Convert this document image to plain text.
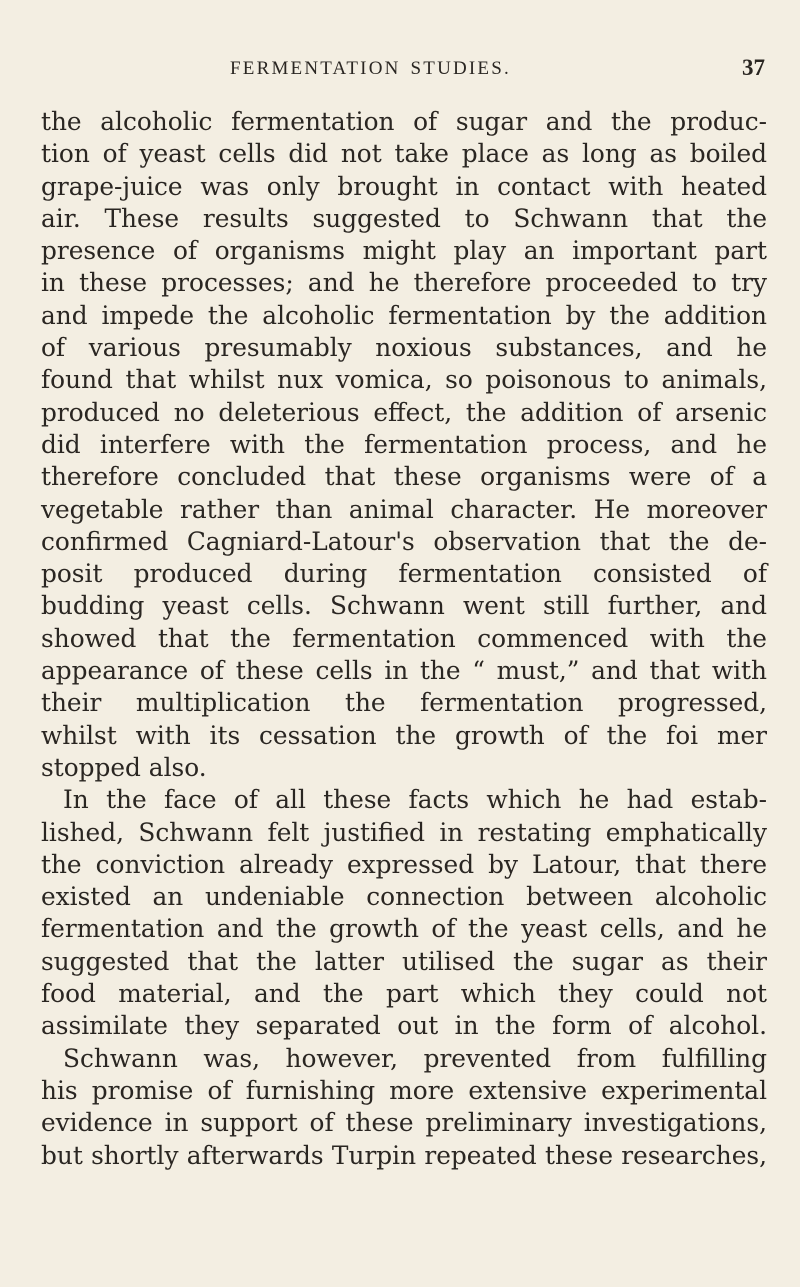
FERMENTATION STUDIES.	37
the alcoholic fermentation of sugar and the produc-
tion of yeast cells did not take place as long as boiled
grape-juice was only brought in contact with heated
air. These results suggested to Schwann that the
presence of organisms might play an important part
in these processes; and he therefore proceeded to try
and impede the alcoholic fermentation by the addition
of various presumably noxious substances, and he
found that whilst nux vomica, so poisonous to animals,
produced no deleterious effect, the addition of arsenic
did interfere with the fermentation process, and he
therefore concluded that these organisms were of a
vegetable rather than animal character. He moreover
confirmed Cagniard-Latour's observation that the de-
posit produced during fermentation consisted of
budding yeast cells. Schwann went still further, and
showed that the fermentation commenced with the
appearance of these cells in the “ must,” and that with
their multiplication the fermentation progressed,
whilst with its cessation the growth of the foi mer
stopped also.
In the face of all these facts which he had estab-
lished, Schwann felt justified in restating emphatically
the conviction already expressed by Latour, that there
existed an undeniable connection between alcoholic
fermentation and the growth of the yeast cells, and he
suggested that the latter utilised the sugar as their
food material, and the part which they could not
assimilate they separated out in the form of alcohol.
Schwann was, however, prevented from fulfilling
his promise of furnishing more extensive experimental
evidence in support of these preliminary investigations,
but shortly afterwards Turpin repeated these researches,
